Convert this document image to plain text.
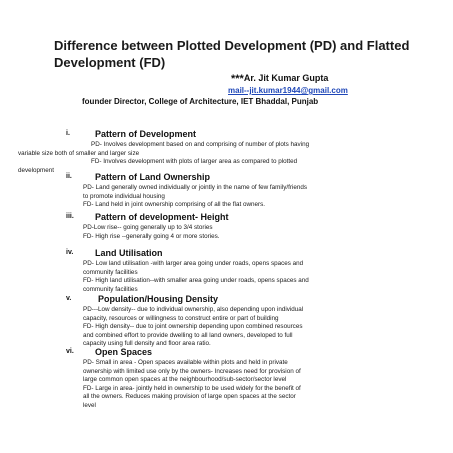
Difference between Plotted Development (PD) and Flatted Development (FD)
***Ar. Jit Kumar Gupta
mail--jit.kumar1944@gmail.com
founder Director, College of Architecture, IET Bhaddal, Punjab
i.	Pattern of Development
PD- Involves development based on and comprising of number of plots having
variable size both of smaller and larger size
FD- Involves development with plots of larger area as compared to plotted
development
ii.	Pattern of Land Ownership
PD- Land generally owned individually or jointly in the name of few family/friends
to promote individual housing
FD- Land held in joint ownership comprising of all the flat owners.
iii. Pattern of development- Height
PD-Low rise-- going generally up to 3/4 stories
FD- High rise --generally going 4 or more stories.
iv. Land Utilisation
PD- Low land utilisation -with larger area going under roads, opens spaces and
community facilities
FD- High land utilisation--with smaller area going under roads, opens spaces and
community facilities
v.	Population/Housing Density
PD---Low density-- due to individual ownership, also depending upon individual
capacity, resources or willingness to construct entire or part of building
FD- High density-- due to joint ownership depending upon combined resources
and combined effort to provide dwelling to all land owners, developed to full
capacity using full density and floor area ratio.
vi. Open Spaces
PD- Small in area - Open spaces available within plots and held in private
ownership with limited use only by the owners- Increases need for provision of
large common open spaces at the neighbourhood/sub-sector/sector level
FD- Large in area- jointly held in ownership to be used widely for the benefit of
all the owners. Reduces making provision of large open spaces at the sector
level
